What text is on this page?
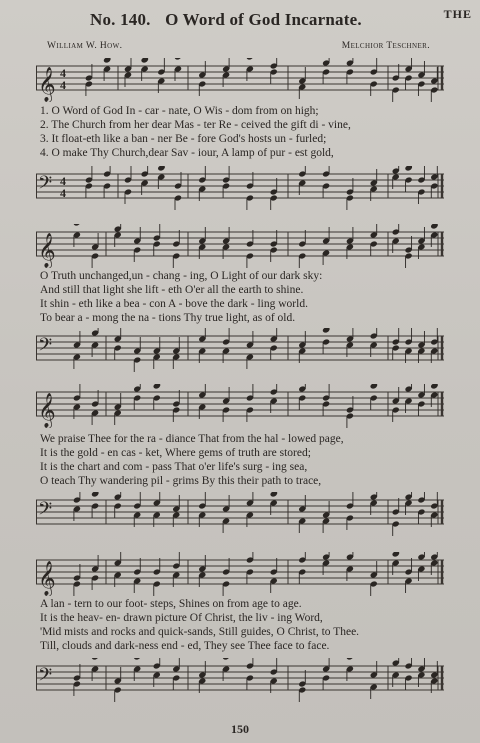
No. 140. O Word of God Incarnate.	THE
William W. How.	Melchior Teschner.
𝄞 4
4
1. O Word of God In - car - nate, O Wis - dom from on high;
2. The Church from her dear Mas - ter Re - ceived the gift di - vine,
3. It float-eth like a ban - ner Be - fore God's hosts un - furled;
4. O make Thy Church,dear Sav - iour, A lamp of pur - est gold,
𝄢 4
4
𝄞
O Truth unchanged,un - chang - ing, O Light of our dark sky:
And still that light she lift - eth O'er all the earth to shine.
It shin - eth like a bea - con A - bove the dark - ling world.
To bear a - mong the na - tions Thy true light, as of old.
𝄢
𝄞
We praise Thee for the ra - diance That from the hal - lowed page,
It is the gold - en cas - ket, Where gems of truth are stored;
It is the chart and com - pass That o'er life's surg - ing sea,
O teach Thy wandering pil - grims By this their path to trace,
𝄢
𝄞
A lan - tern to our foot- steps, Shines on from age to age.
It is the heav- en- drawn picture Of Christ, the liv - ing Word,
'Mid mists and rocks and quick-sands, Still guides, O Christ, to Thee.
Till, clouds and dark-ness end - ed, They see Thee face to face.
𝄢
150
